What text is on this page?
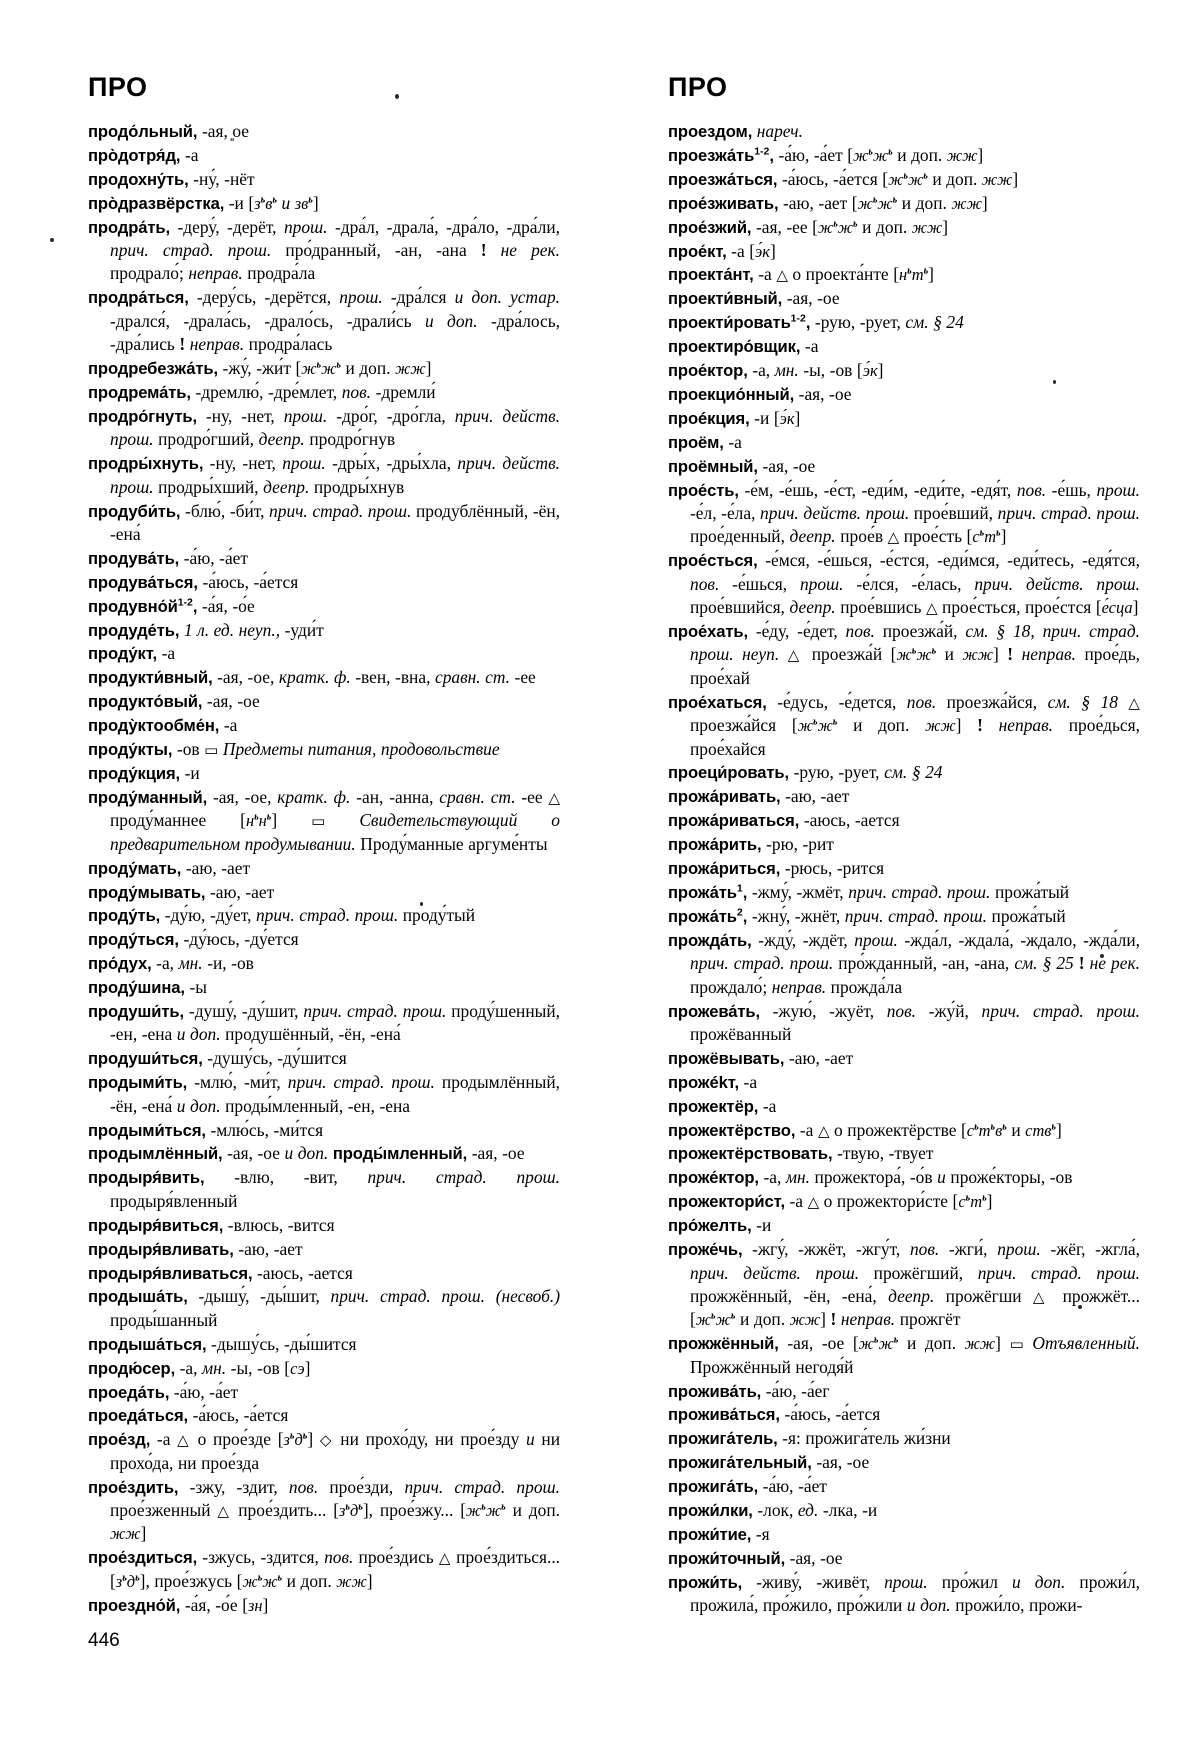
ПРО	ПРО
продо́льный, -ая, ͈ое
про̀дотря́д, -а
продохну́ть, -ну́, -нёт
про̀дразвёрстка, -и [$з^ьв^ь$ и $зв^ь$]
продра́ть, -деру́, -дерёт, прош. -дра́л, -драла́, -дра́ло, -дра́ли, прич. страд. прош. про́дранный, -ан, -ана ! не рек. продрало́; неправ. продра́ла
продра́ться, -деру́сь, -дерётся, прош. -дра́лся и доп. устар. -дрался́, -драла́сь, -драло́сь, -драли́сь и доп. -дра́лось, -дра́лись ! неправ. продра́лась
продребезжа́ть, -жу́, -жи́т [$ж^ьж^ь$ и доп. жж]
продрема́ть, -дремлю́, -дре́млет, пов. -дремли́
продро́гнуть, -ну, -нет, прош. -дро́г, -дро́гла, прич. действ. прош. продро́гший, деепр. продро́гнув
продры́хнуть, -ну, -нет, прош. -дры́х, -дры́хла, прич. действ. прош. продры́хший, деепр. продры́хнув
продуби́ть, -блю́, -би́т, прич. страд. прош. продублённый, -ён, -ена́
продува́ть, -а́ю, -а́ет
продува́ться, -а́юсь, -а́ется
$продувно́й^{1-2}$, -а́я, -о́е
продуде́ть, 1 л. ед. неуп., -уди́т
проду́кт, -а
продукти́вный, -ая, -ое, кратк. ф. -вен, -вна, сравн. ст. -ее
продукто́вый, -ая, -ое
проду̀ктообме́н, -а
проду́кты, -ов ▭ Предметы питания, продовольствие
проду́кция, -и
проду́манный, -ая, -ое, кратк. ф. -ан, -анна, сравн. ст. -ее △ проду́маннее $[н^ьн^ь]$ ▭ Свидетельствующий о предварительном продумывании. Проду́манные аргуме́нты
проду́мать, -аю, -ает
проду́мывать, -аю, -ает
проду́ть, -ду́ю, -ду́ет, прич. страд. прош. проду́тый
проду́ться, -ду́юсь, -ду́ется
про́дух, -а, мн. -и, -ов
проду́шина, -ы
продуши́ть, -душу́, -ду́шит, прич. страд. прош. проду́шенный, -ен, -ена и доп. продушённый, -ён, -ена́
продуши́ться, -душу́сь, -ду́шится
продыми́ть, -млю́, -ми́т, прич. страд. прош. продымлённый, -ён, -ена́ и доп. проды́мленный, -ен, -ена
продыми́ться, -млю́сь, -ми́тся
продымлённый, -ая, -ое и доп. проды́мленный, -ая, -ое
продыря́вить, -влю, -вит, прич. страд. прош. продыря́вленный
продыря́виться, -влюсь, -вится
продыря́вливать, -аю, -ает
продыря́вливаться, -аюсь, -ается
продыша́ть, -дышу́, -ды́шит, прич. страд. прош. (несвоб.) проды́шанный
продыша́ться, -дышу́сь, -ды́шится
продю́сер, -а, мн. -ы, -ов [сэ]
проеда́ть, -а́ю, -а́ет
проеда́ться, -а́юсь, -а́ется
прое́зд, -а △ о прое́зде $[з^ьд^ь]$ ◇ ни прохо́ду, ни прое́зду и ни прохо́да, ни прое́зда
прое́здить, -зжу, -здит, пов. прое́зди, прич. страд. прош. прое́зженный △ прое́здить... $[з^ьд^ь]$, прое́зжу... [$ж^ьж^ь$ и доп. жж]
прое́здиться, -зжусь, -здится, пов. прое́здись △ прое́здиться... $[з^ьд^ь]$, прое́зжусь [$ж^ьж^ь$ и доп. жж]
проездно́й, -а́я, -о́е [зн]
проездом, нареч.
$проезжа́ть^{1-2}$, -а́ю, -а́ет [$ж^ьж^ь$ и доп. жж]
проезжа́ться, -а́юсь, -а́ется [$ж^ьж^ь$ и доп. жж]
прое́зживать, -аю, -ает [$ж^ьж^ь$ и доп. жж]
прое́зжий, -ая, -ее [$ж^ьж^ь$ и доп. жж]
прое́кт, -а [э́к]
проекта́нт, -а △ о проекта́нте $[н^ьт^ь]$
проекти́вный, -ая, -ое
проекти́ровать$^{1-2}$, -рую, -рует, см. § 24
проектиро́вщик, -а
прое́ктор, -а, мн. -ы, -ов [э́к]
проекцио́нный, -ая, -ое
проéкция, -и [э́к]
проём, -а
проёмный, -ая, -ое
прое́сть, -е́м, -е́шь, -е́ст, -еди́м, -еди́те, -едя́т, пов. -е́шь, прош. -е́л, -е́ла, прич. действ. прош. прое́вший, прич. страд. прош. прое́денный, деепр. прое́в △ прое́сть $[с^ьт^ь]$
прое́сться, -е́мся, -е́шься, -е́стся, -еди́мся, -еди́тесь, -едя́тся, пов. -е́шься, прош. -е́лся, -е́лась, прич. действ. прош. прое́вшийся, деепр. прое́вшись △ прое́сться, прое́стся [е́сца]
прое́хать, -е́ду, -е́дет, пов. проезжа́й, см. § 18, прич. страд. прош. неуп. △ проезжа́й [$ж^ьж^ь$ и жж] ! неправ. прое́дь, прое́хай
прое́хаться, -е́дусь, -е́дется, пов. проезжа́йся, см. § 18 △ проезжа́йся [$ж^ьж^ь$ и доп. жж] ! неправ. прое́дься, прое́хайся
проеци́ровать, -рую, -рует, см. § 24
прожа́ривать, -аю, -ает
прожа́риваться, -аюсь, -ается
прожа́рить, -рю, -рит
прожа́риться, -рюсь, -рится
$прожа́ть^1$, -жму́, -жмёт, прич. страд. прош. прожа́тый
$прожа́ть^2$, -жну́, -жнёт, прич. страд. прош. прожа́тый
прожда́ть, -жду́, -ждёт, прош. -жда́л, -ждала́, -ждало, -жда́ли, прич. страд. прош. про́жданный, -ан, -ана, см. § 25 ! не рек. прождало́; неправ. прожда́ла
прожева́ть, -жую́, -жуёт, пов. -жу́й, прич. страд. прош. прожёванный
прожёвывать, -аю, -ает
прожékт, -а
прожектёр, -а
прожектёрство, -а △ о прожектёрстве [$с^ьт^ьв^ь$ и ств$^ь$]
прожектёрствовать, -твую, -твует
проже́ктор, -а, мн. прожектора́, -о́в и проже́кторы, -ов
прожектори́ст, -а △ о прожектори́сте $[с^ьт^ь]$
про́желть, -и
проже́чь, -жгу́, -жжёт, -жгу́т, пов. -жги́, прош. -жёг, -жгла́, прич. действ. прош. прожёгший, прич. страд. прош. прожжённый, -ён, -ена́, деепр. прожёгши △ прожжёт... [$ж^ьж^ь$ и доп. жж] ! неправ. прожгёт
прожжённый, -ая, -ое [$ж^ьж^ь$ и доп. жж] ▭ Отъявленный. Прожжённый негодя́й
прожива́ть, -а́ю, -а́ег
прожива́ться, -а́юсь, -а́ется
прожига́тель, -я: прожига́тель жи́зни
прожига́тельный, -ая, -ое
прожига́ть, -а́ю, -а́ет
прожи́лки, -лок, ед. -лка, -и
прожи́тие, -я
прожи́точный, -ая, -ое
прожи́ть, -живу́, -живёт, прош. про́жил и доп. прожи́л, прожила́, про́жило, про́жили и доп. прожи́ло, прожи-
446
